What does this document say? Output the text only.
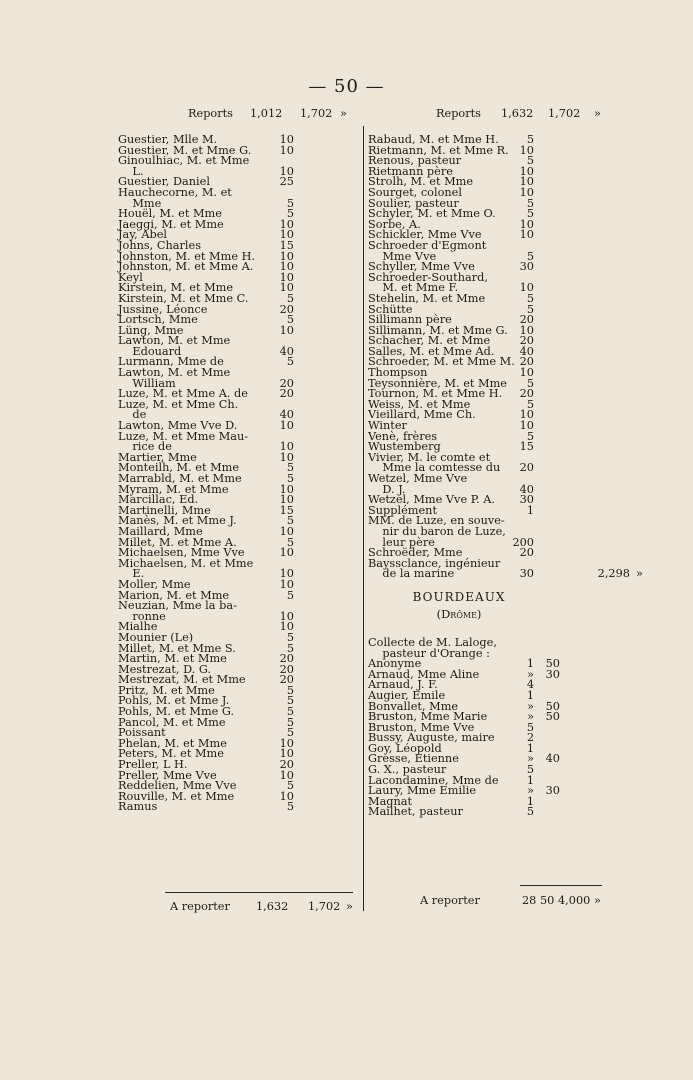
— 50 —
Reports 1,012 1,702 »
Guestier, Mlle M.	10
Guestier, M. et Mme G.	10
Ginoulhiac, M. et Mme
L.	10
Guestier, Daniel	25
Hauchecorne, M. et
Mme	5
Houël, M. et Mme	5
Jaeggi, M. et Mme	10
Jay, Abel	10
Johns, Charles	15
Johnston, M. et Mme H.	10
Johnston, M. et Mme A.	10
Keyl	10
Kirstein, M. et Mme	10
Kirstein, M. et Mme C.	5
Jussine, Léonce	20
Lortsch, Mme	5
Lüng, Mme	10
Lawton, M. et Mme
Edouard	40
Lurmann, Mme de	5
Lawton, M. et Mme
William	20
Luze, M. et Mme A. de	20
Luze, M. et Mme Ch.
de	40
Lawton, Mme Vve D.	10
Luze, M. et Mme Mau-
rice de	10
Martier, Mme	10
Monteilh, M. et Mme	5
Marrabld, M. et Mme	5
Myram, M. et Mme	10
Marcillac, Ed.	10
Martinelli, Mme	15
Manès, M. et Mme J.	5
Maillard, Mme	10
Millet, M. et Mme A.	5
Michaelsen, Mme Vve	10
Michaelsen, M. et Mme
E.	10
Moller, Mme	10
Marion, M. et Mme	5
Neuzian, Mme la ba-
ronne	10
Mialhe	10
Mounier (Le)	5
Millet, M. et Mme S.	5
Martin, M. et Mme	20
Mestrezat, D. G.	20
Mestrezat, M. et Mme	20
Pritz, M. et Mme	5
Pohls, M. et Mme J.	5
Pohls, M. et Mme G.	5
Pancol, M. et Mme	5
Poissant	5
Phelan, M. et Mme	10
Peters, M. et Mme	10
Preller, L H.	20
Preller, Mme Vve	10
Reddelien, Mme Vve	5
Rouville, M. et Mme	10
Ramus	5
Reports 1,632 1,702 »
Rabaud, M. et Mme H.	5
Rietmann, M. et Mme R. 10
Renous, pasteur	5
Rietmann père	10
Strolh, M. et Mme	10
Sourget, colonel	10
Soulier, pasteur	5
Schyler, M. et Mme O.	5
Sorbe, A.	10
Schickler, Mme Vve	10
Schroeder d'Egmont
Mme Vve	5
Schyller, Mme Vve	30
Schroeder-Southard,
M. et Mme F.	10
Stehelin, M. et Mme	5
Schütte	5
Sillimann père	20
Sillimann, M. et Mme G.	10
Schacher, M. et Mme	20
Salles, M. et Mme Ad.	40
Schroeder, M. et Mme M. 20
Thompson	10
Teysonnière, M. et Mme	5
Tournon, M. et Mme H.	20
Weiss, M. et Mme	5
Vieillard, Mme Ch.	10
Winter	10
Venè, frères	5
Wustemberg	15
Vivier, M. le comte et
Mme la comtesse du	20
Wetzel, Mme Vve
D. J.	40
Wetzel, Mme Vve P. A.	30
Supplément	1
MM. de Luze, en souve-
nir du baron de Luze,
leur père	200
Schroëder, Mme	20
Bayssclance, ingénieur
de la marine	30	2,298 »
BOURDEAUX
(Drôme)
Collecte de M. Laloge,
pasteur d'Orange :
Anonyme	1	50
Arnaud, Mme Aline	»	30
Arnaud, J. F.	4
Augier, Emile	1
Bonvallet, Mme	»	50
Bruston, Mme Marie	»	50
Bruston, Mme Vve	5
Bussy, Auguste, maire	2
Goy, Léopold	1
Gresse, Etienne	»	40
G. X., pasteur	5
Lacondamine, Mme de	1
Laury, Mme Emilie	»	30
Magnat	1
Mailhet, pasteur	5
A reporter 1,632 1,702 »	A reporter	28 50 4,000 »
